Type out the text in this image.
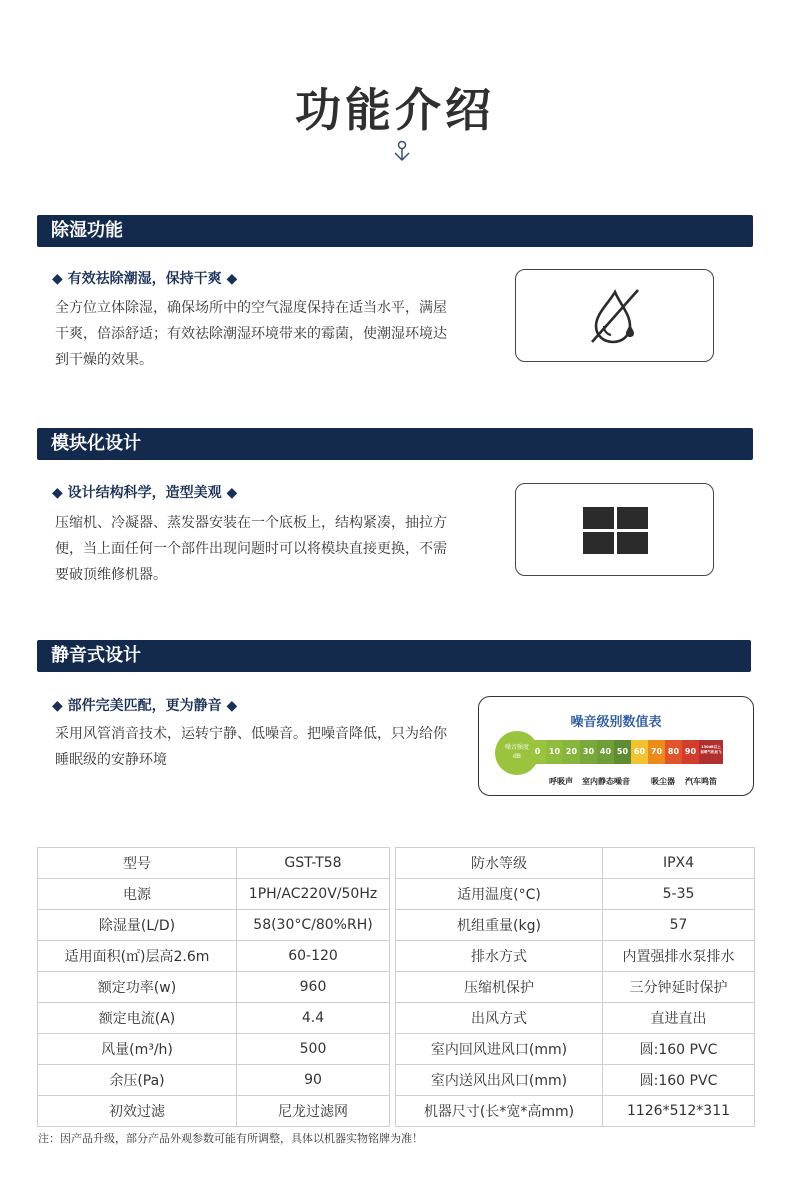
功能介绍
除湿功能
◆ 有效祛除潮湿，保持干爽 ◆
全方位立体除湿，确保场所中的空气湿度保持在适当水平，满屋干爽，倍添舒适；有效祛除潮湿环境带来的霉菌，使潮湿环境达到干燥的效果。
模块化设计
◆ 设计结构科学，造型美观 ◆
压缩机、冷凝器、蒸发器安装在一个底板上，结构紧凑，抽拉方便，当上面任何一个部件出现问题时可以将模块直接更换，不需要破顶维修机器。
静音式设计
◆ 部件完美匹配，更为静音 ◆
采用风管消音技术，运转宁静、低噪音。把噪音降低，只为给你睡眠级的安静环境
噪音级别数值表
噪音强度
dB
0	10 20 30 40 50 60 70 80 90	130dB以上 如喷气机起飞
呼吸声 室内静态噪音	吸尘器 汽车鸣笛
型号	GST-T58		防水等级	IPX4
电源	1PH/AC220V/50Hz		适用温度(°C)	5-35
除湿量(L/D)	58(30°C/80%RH)		机组重量(kg)	57
适用面积(㎡)层高2.6m	60-120		排水方式	内置强排水泵排水
额定功率(w)	960		压缩机保护	三分钟延时保护
额定电流(A)	4.4		出风方式	直进直出
风量(m³/h)	500		室内回风进风口(mm)	圆:160 PVC
余压(Pa)	90		室内送风出风口(mm)	圆:160 PVC
初效过滤	尼龙过滤网		机器尺寸(长*宽*高mm)	1126*512*311
注：因产品升级，部分产品外观参数可能有所调整，具体以机器实物铭牌为准！
